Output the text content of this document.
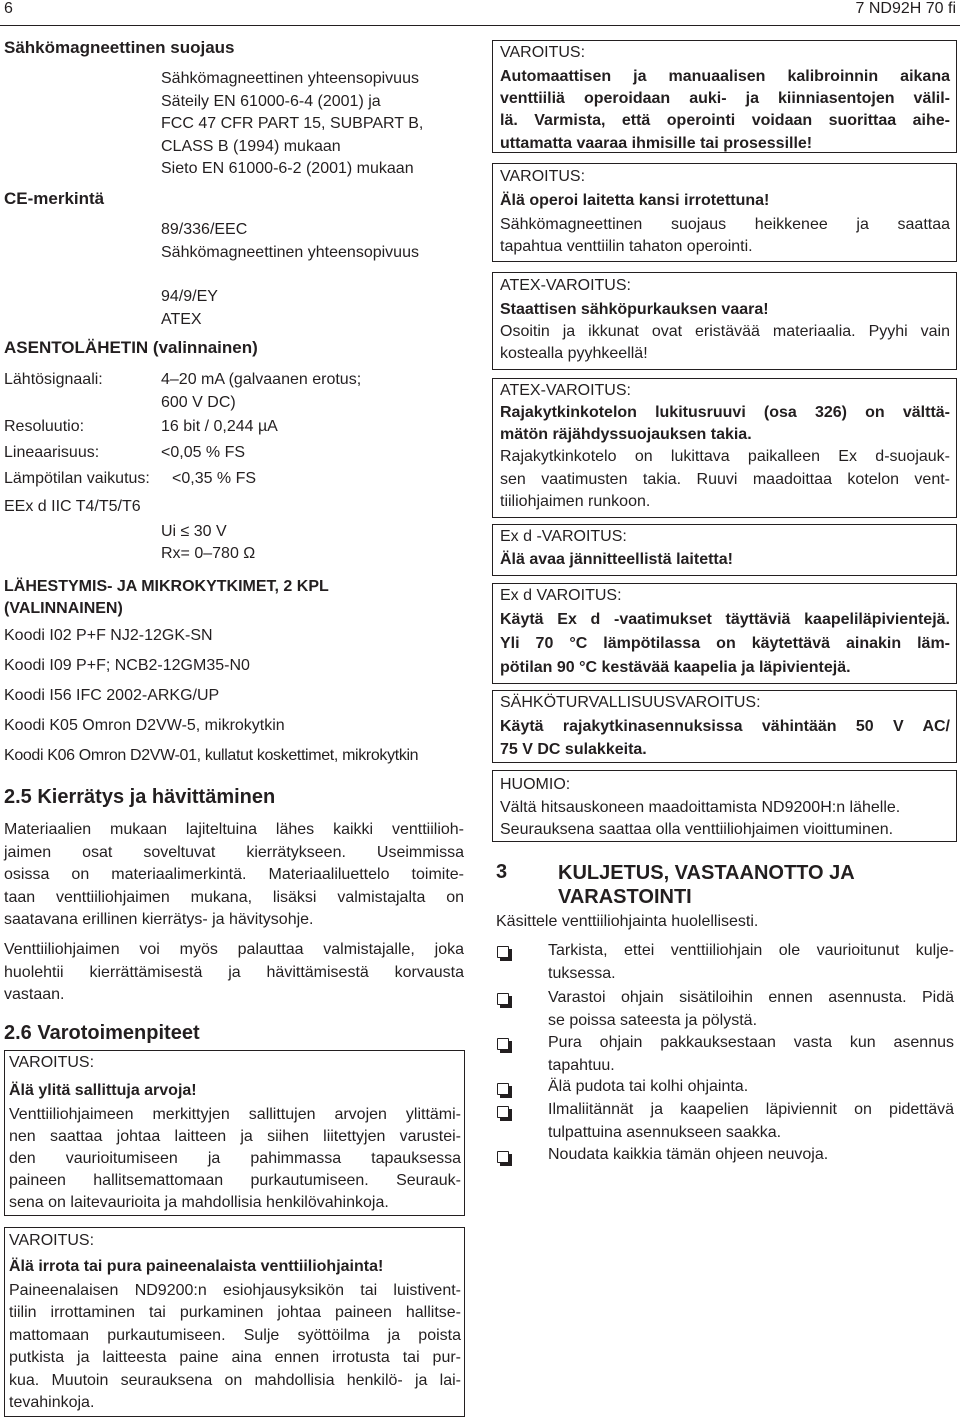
6	7 ND92H 70 fi
Sähkömagneettinen suojaus
Sähkömagneettinen yhteensopivuus
Säteily EN 61000-6-4 (2001) ja
FCC 47 CFR PART 15, SUBPART B,
CLASS B (1994) mukaan
Sieto EN 61000-6-2 (2001) mukaan
CE-merkintä
89/336/EEC
Sähkömagneettinen yhteensopivuus
94/9/EY
ATEX
ASENTOLÄHETIN (valinnainen)
Lähtösignaali:	4–20 mA (galvaanen erotus;
600 V DC)
Resoluutio:	16 bit / 0,244 µA
Lineaarisuus:	<0,05 % FS
Lämpötilan vaikutus: <0,35 % FS
EEx d IIC T4/T5/T6
Ui ≤ 30 V
Rx= 0–780 Ω
LÄHESTYMIS- JA MIKROKYTKIMET, 2 KPL
(VALINNAINEN)
Koodi I02 P+F NJ2-12GK-SN
Koodi I09 P+F; NCB2-12GM35-N0
Koodi I56 IFC 2002-ARKG/UP
Koodi K05 Omron D2VW-5, mikrokytkin
Koodi K06 Omron D2VW-01, kullatut koskettimet, mikrokytkin
2.5 Kierrätys ja hävittäminen
Materiaalien mukaan lajiteltuina lähes kaikki venttiilioh-
jaimen osat soveltuvat kierrätykseen. Useimmissa
osissa on materiaalimerkintä. Materiaaliluettelo toimite-
taan venttiiliohjaimen mukana, lisäksi valmistajalta on
saatavana erillinen kierrätys- ja hävitysohje.
Venttiiliohjaimen voi myös palauttaa valmistajalle, joka
huolehtii kierrättämisestä ja hävittämisestä korvausta
vastaan.
2.6 Varotoimenpiteet
VAROITUS:
Älä ylitä sallittuja arvoja!
Venttiiliohjaimeen merkittyjen sallittujen arvojen ylittämi-
nen saattaa johtaa laitteen ja siihen liitettyjen varustei-
den vaurioitumiseen ja pahimmassa tapauksessa
paineen hallitsemattomaan purkautumiseen. Seurauk-
sena on laitevaurioita ja mahdollisia henkilövahinkoja.
VAROITUS:
Älä irrota tai pura paineenalaista venttiiliohjainta!
Paineenalaisen ND9200:n esiohjausyksikön tai luistivent-
tiilin irrottaminen tai purkaminen johtaa paineen hallitse-
mattomaan purkautumiseen. Sulje syöttöilma ja poista
putkista ja laitteesta paine aina ennen irrotusta tai pur-
kua. Muutoin seurauksena on mahdollisia henkilö- ja lai-
tevahinkoja.
VAROITUS:
Automaattisen ja manuaalisen kalibroinnin aikana
venttiiliä operoidaan auki- ja kiinniasentojen välil-
lä. Varmista, että operointi voidaan suorittaa aihe-
uttamatta vaaraa ihmisille tai prosessille!
VAROITUS:
Älä operoi laitetta kansi irrotettuna!
Sähkömagneettinen suojaus heikkenee ja saattaa
tapahtua venttiilin tahaton operointi.
ATEX-VAROITUS:
Staattisen sähköpurkauksen vaara!
Osoitin ja ikkunat ovat eristävää materiaalia. Pyyhi vain
kostealla pyyhkeellä!
ATEX-VAROITUS:
Rajakytkinkotelon lukitusruuvi (osa 326) on välttä-
mätön räjähdyssuojauksen takia.
Rajakytkinkotelo on lukittava paikalleen Ex d-suojauk-
sen vaatimusten takia. Ruuvi maadoittaa kotelon vent-
tiiliohjaimen runkoon.
Ex d -VAROITUS:
Älä avaa jännitteellistä laitetta!
Ex d VAROITUS:
Käytä Ex d -vaatimukset täyttäviä kaapeliläpivientejä.
Yli 70 °C lämpötilassa on käytettävä ainakin läm-
pötilan 90 °C kestävää kaapelia ja läpivientejä.
SÄHKÖTURVALLISUUSVAROITUS:
Käytä rajakytkinasennuksissa vähintään 50 V AC/
75 V DC sulakkeita.
HUOMIO:
Vältä hitsauskoneen maadoittamista ND9200H:n lähelle.
Seurauksena saattaa olla venttiiliohjaimen vioittuminen.
3	KULJETUS, VASTAANOTTO JA
VARASTOINTI
Käsittele venttiiliohjainta huolellisesti.
Tarkista, ettei venttiiliohjain ole vaurioitunut kulje-
tuksessa.
Varastoi ohjain sisätiloihin ennen asennusta. Pidä
se poissa sateesta ja pölystä.
Pura ohjain pakkauksestaan vasta kun asennus
tapahtuu.
Älä pudota tai kolhi ohjainta.
Ilmaliitännät ja kaapelien läpiviennit on pidettävä
tulpattuina asennukseen saakka.
Noudata kaikkia tämän ohjeen neuvoja.
